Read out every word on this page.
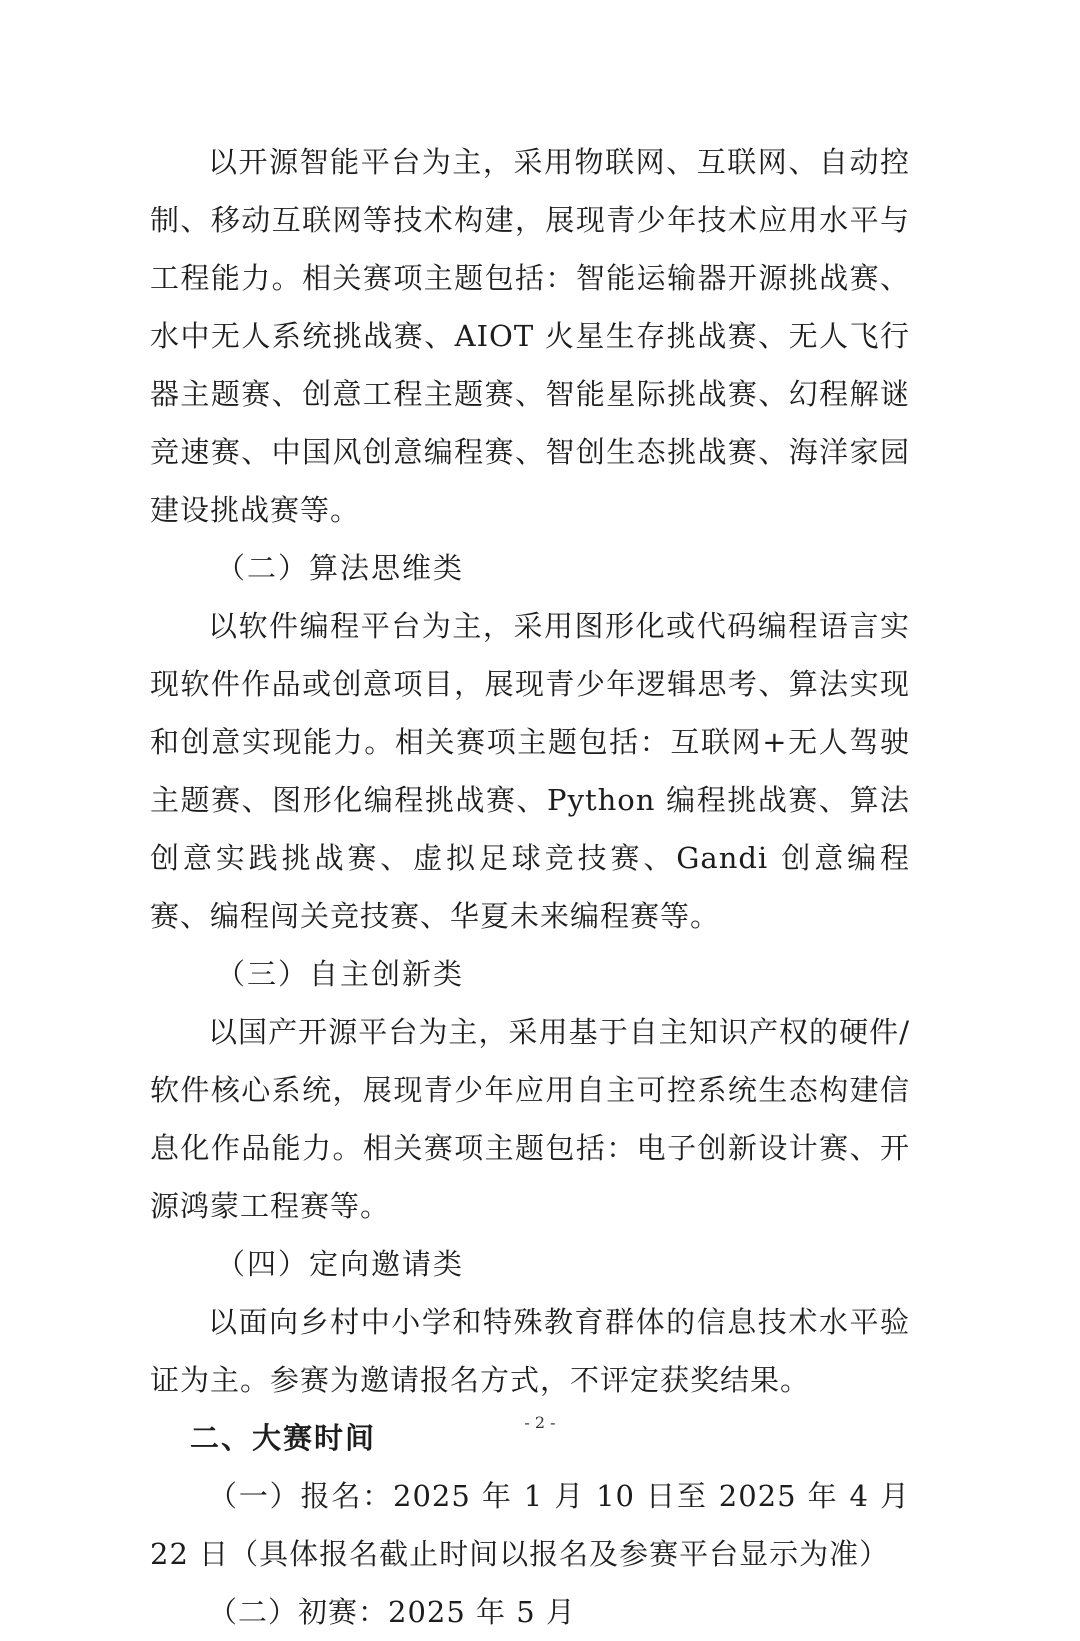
以开源智能平台为主，采用物联网、互联网、自动控制、移动互联网等技术构建，展现青少年技术应用水平与工程能力。相关赛项主题包括：智能运输器开源挑战赛、水中无人系统挑战赛、AIOT 火星生存挑战赛、无人飞行器主题赛、创意工程主题赛、智能星际挑战赛、幻程解谜竞速赛、中国风创意编程赛、智创生态挑战赛、海洋家园建设挑战赛等。

（二）算法思维类

以软件编程平台为主，采用图形化或代码编程语言实现软件作品或创意项目，展现青少年逻辑思考、算法实现和创意实现能力。相关赛项主题包括：互联网+无人驾驶主题赛、图形化编程挑战赛、Python 编程挑战赛、算法创意实践挑战赛、虚拟足球竞技赛、Gandi 创意编程赛、编程闯关竞技赛、华夏未来编程赛等。

（三）自主创新类

以国产开源平台为主，采用基于自主知识产权的硬件/软件核心系统，展现青少年应用自主可控系统生态构建信息化作品能力。相关赛项主题包括：电子创新设计赛、开源鸿蒙工程赛等。

（四）定向邀请类

以面向乡村中小学和特殊教育群体的信息技术水平验证为主。参赛为邀请报名方式，不评定获奖结果。

二、大赛时间

（一）报名：2025 年 1 月 10 日至 2025 年 4 月 22 日（具体报名截止时间以报名及参赛平台显示为准）

（二）初赛：2025 年 5 月

- 2 -
